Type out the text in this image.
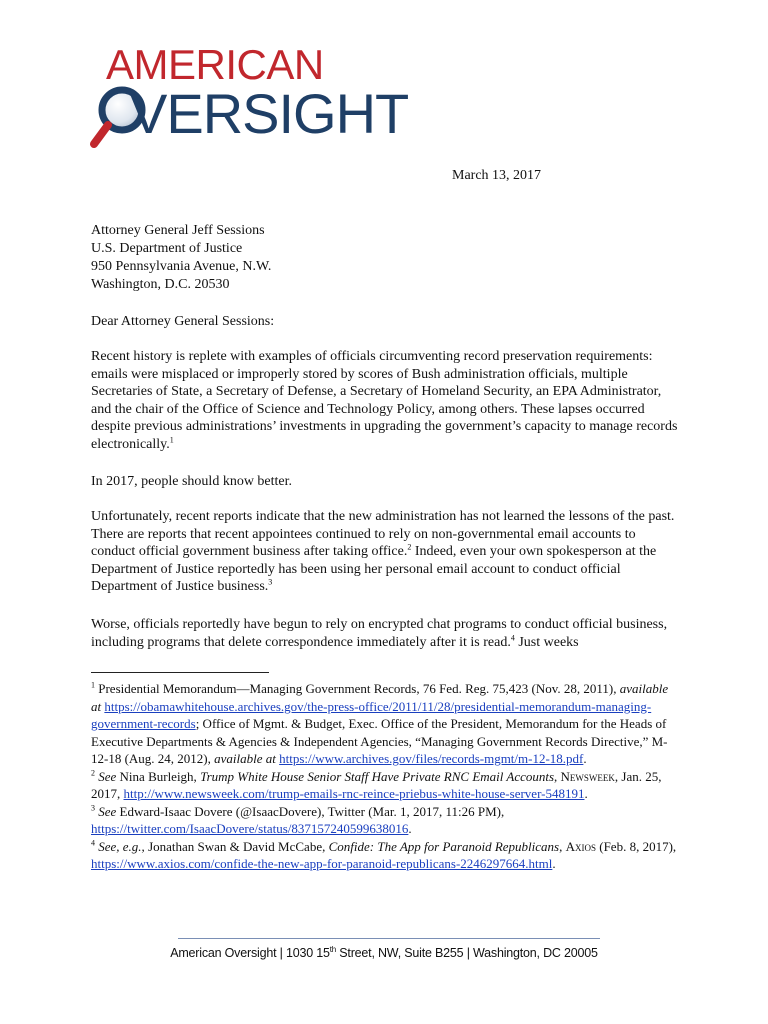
AMERICAN
VERSIGHT
March 13, 2017
Attorney General Jeff Sessions
U.S. Department of Justice
950 Pennsylvania Avenue, N.W.
Washington, D.C. 20530
Dear Attorney General Sessions:

Recent history is replete with examples of officials circumventing record preservation requirements: emails were misplaced or improperly stored by scores of Bush administration officials, multiple Secretaries of State, a Secretary of Defense, a Secretary of Homeland Security, an EPA Administrator, and the chair of the Office of Science and Technology Policy, among others. These lapses occurred despite previous administrations’ investments in upgrading the government’s capacity to manage records electronically.$^1$

In 2017, people should know better.

Unfortunately, recent reports indicate that the new administration has not learned the lessons of the past. There are reports that recent appointees continued to rely on non-governmental email accounts to conduct official government business after taking office.$^2$ Indeed, even your own spokesperson at the Department of Justice reportedly has been using her personal email account to conduct official Department of Justice business.$^3$

Worse, officials reportedly have begun to rely on encrypted chat programs to conduct official business, including programs that delete correspondence immediately after it is read.$^4$ Just weeks

$^1$ Presidential Memorandum—Managing Government Records, 76 Fed. Reg. 75,423 (Nov. 28, 2011), available at https://obamawhitehouse.archives.gov/the-press-office/2011/11/28/presidential-memorandum-managing-government-records; Office of Mgmt. & Budget, Exec. Office of the President, Memorandum for the Heads of Executive Departments & Agencies & Independent Agencies, “Managing Government Records Directive,” M-12-18 (Aug. 24, 2012), available at https://www.archives.gov/files/records-mgmt/m-12-18.pdf.

$^2$ See Nina Burleigh, Trump White House Senior Staff Have Private RNC Email Accounts, Newsweek, Jan. 25, 2017, http://www.newsweek.com/trump-emails-rnc-reince-priebus-white-house-server-548191.

$^3$ See Edward-Isaac Dovere (@IsaacDovere), Twitter (Mar. 1, 2017, 11:26 PM), https://twitter.com/IsaacDovere/status/837157240599638016.

$^4$ See, e.g., Jonathan Swan & David McCabe, Confide: The App for Paranoid Republicans, Axios (Feb. 8, 2017), https://www.axios.com/confide-the-new-app-for-paranoid-republicans-2246297664.html.

American Oversight | 1030 15th Street, NW, Suite B255 | Washington, DC 20005
